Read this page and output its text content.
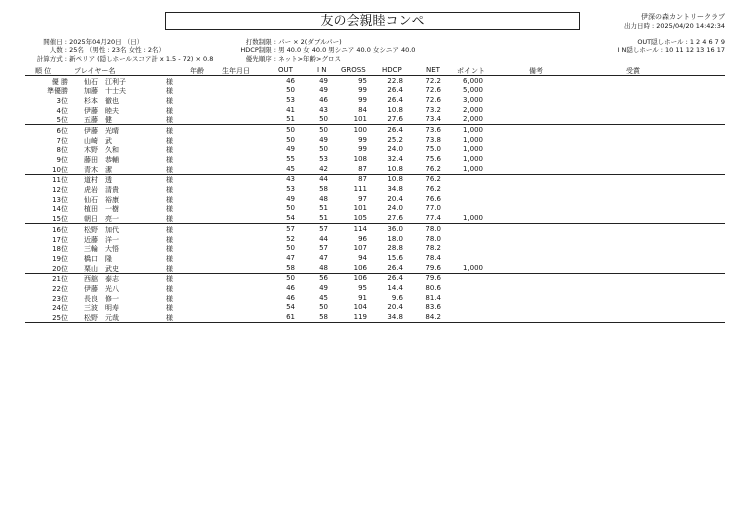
友の会親睦コンペ	伊深の森カントリークラブ
出力日時 : 2025/04/20 14:42:34
開催日 : 2025年04月20日 （日）
人数 : 25名 （男性 : 23名 女性 : 2名）
計算方式 : 新ペリア (隠しホールスコア計 x 1.5 - 72) × 0.8
打数制限 : パー × 2(ダブルパー)
HDCP制限 : 男 40.0 女 40.0 男シニア 40.0 女シニア 40.0
優先順序 : ネット>年齢>グロス
OUT隠しホール : 1 2 4 6 7 9
I N隠しホール : 10 11 12 13 16 17
順 位	プレイヤー名	年齢	生年月日	OUT	I N GROSS HDCP	NET ポイント	備考	受賞
優 勝 仙石 江利子	様	46	49	95	22.8	72.2	6,000
準優勝 加藤 十士夫	様	50	49	99	26.4	72.6	5,000
3位 杉本 徹也	様	53	46	99	26.4	72.6	3,000
4位 伊藤 睦夫	様	41	43	84	10.8	73.2	2,000
5位 五藤 健	様	51	50	101	27.6	73.4	2,000
6位 伊藤 光晴	様	50	50	100	26.4	73.6	1,000
7位 山崎 武	様	50	49	99	25.2	73.8	1,000
8位 木野 久和	様	49	50	99	24.0	75.0	1,000
9位 藤田 恭輔	様	55	53	108	32.4	75.6	1,000
10位 青木 潔	様	45	42	87	10.8	76.2	1,000
11位 道村 透	様	43	44	87	10.8	76.2
12位 虎岩 清貴	様	53	58	111	34.8	76.2
13位 仙石 裕康	様	49	48	97	20.4	76.6
14位 植田 一樹	様	50	51	101	24.0	77.0
15位 朝日 亮一	様	54	51	105	27.6	77.4	1,000
16位 松野 加代	様	57	57	114	36.0	78.0
17位 近藤 洋一	様	52	44	96	18.0	78.0
18位 三輪 大悟	様	50	57	107	28.8	78.2
19位 橋口 隆	様	47	47	94	15.6	78.4
20位 栗山 武史	様	58	48	106	26.4	79.6	1,000
21位 西舘 泰志	様	50	56	106	26.4	79.6
22位 伊藤 光八	様	46	49	95	14.4	80.6
23位 長良 修一	様	46	45	91	9.6	81.4
24位 三波 明寿	様	54	50	104	20.4	83.6
25位 松野 元哉	様	61	58	119	34.8	84.2
